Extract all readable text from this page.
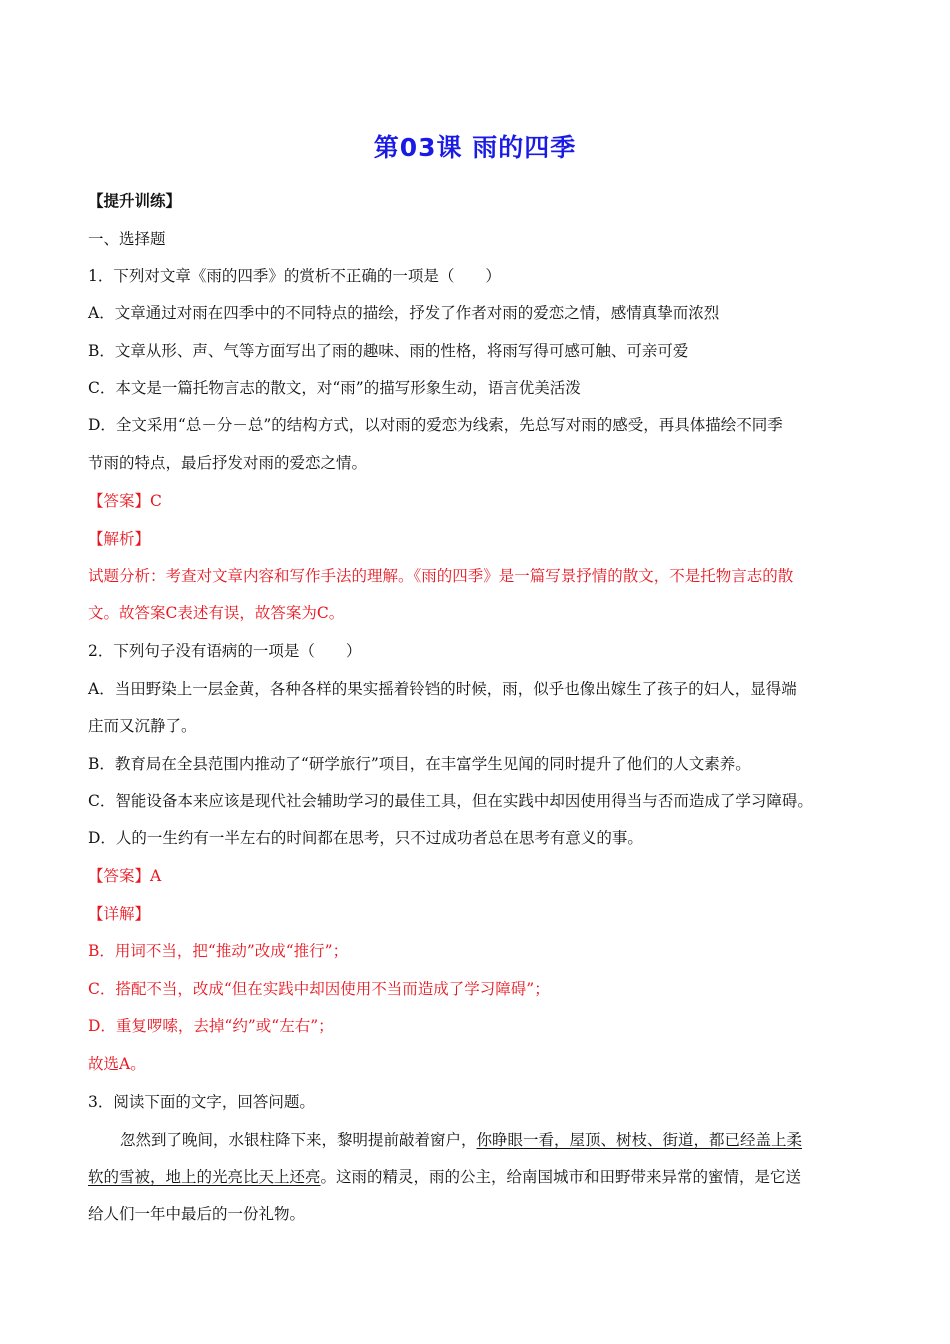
第03课 雨的四季
【提升训练】
一、选择题
1．下列对文章《雨的四季》的赏析不正确的一项是（　　）
A．文章通过对雨在四季中的不同特点的描绘，抒发了作者对雨的爱恋之情，感情真挚而浓烈
B．文章从形、声、气等方面写出了雨的趣味、雨的性格，将雨写得可感可触、可亲可爱
C．本文是一篇托物言志的散文，对“雨”的描写形象生动，语言优美活泼
D．全文采用“总－分－总”的结构方式，以对雨的爱恋为线索，先总写对雨的感受，再具体描绘不同季
节雨的特点，最后抒发对雨的爱恋之情。
【答案】C
【解析】
试题分析：考查对文章内容和写作手法的理解。《雨的四季》是一篇写景抒情的散文，不是托物言志的散
文。故答案C表述有误，故答案为C。
2．下列句子没有语病的一项是（　　）
A．当田野染上一层金黄，各种各样的果实摇着铃铛的时候，雨，似乎也像出嫁生了孩子的妇人，显得端
庄而又沉静了。
B．教育局在全县范围内推动了“研学旅行”项目，在丰富学生见闻的同时提升了他们的人文素养。
C．智能设备本来应该是现代社会辅助学习的最佳工具，但在实践中却因使用得当与否而造成了学习障碍。
D．人的一生约有一半左右的时间都在思考，只不过成功者总在思考有意义的事。
【答案】A
【详解】
B．用词不当，把“推动”改成“推行”；
C．搭配不当，改成“但在实践中却因使用不当而造成了学习障碍”；
D．重复啰嗦，去掉“约”或“左右”；
故选A。
3．阅读下面的文字，回答问题。
忽然到了晚间，水银柱降下来，黎明提前敲着窗户，你睁眼一看，屋顶、树枝、街道，都已经盖上柔
软的雪被，地上的光亮比天上还亮。这雨的精灵，雨的公主，给南国城市和田野带来异常的蜜情，是它送
给人们一年中最后的一份礼物。
